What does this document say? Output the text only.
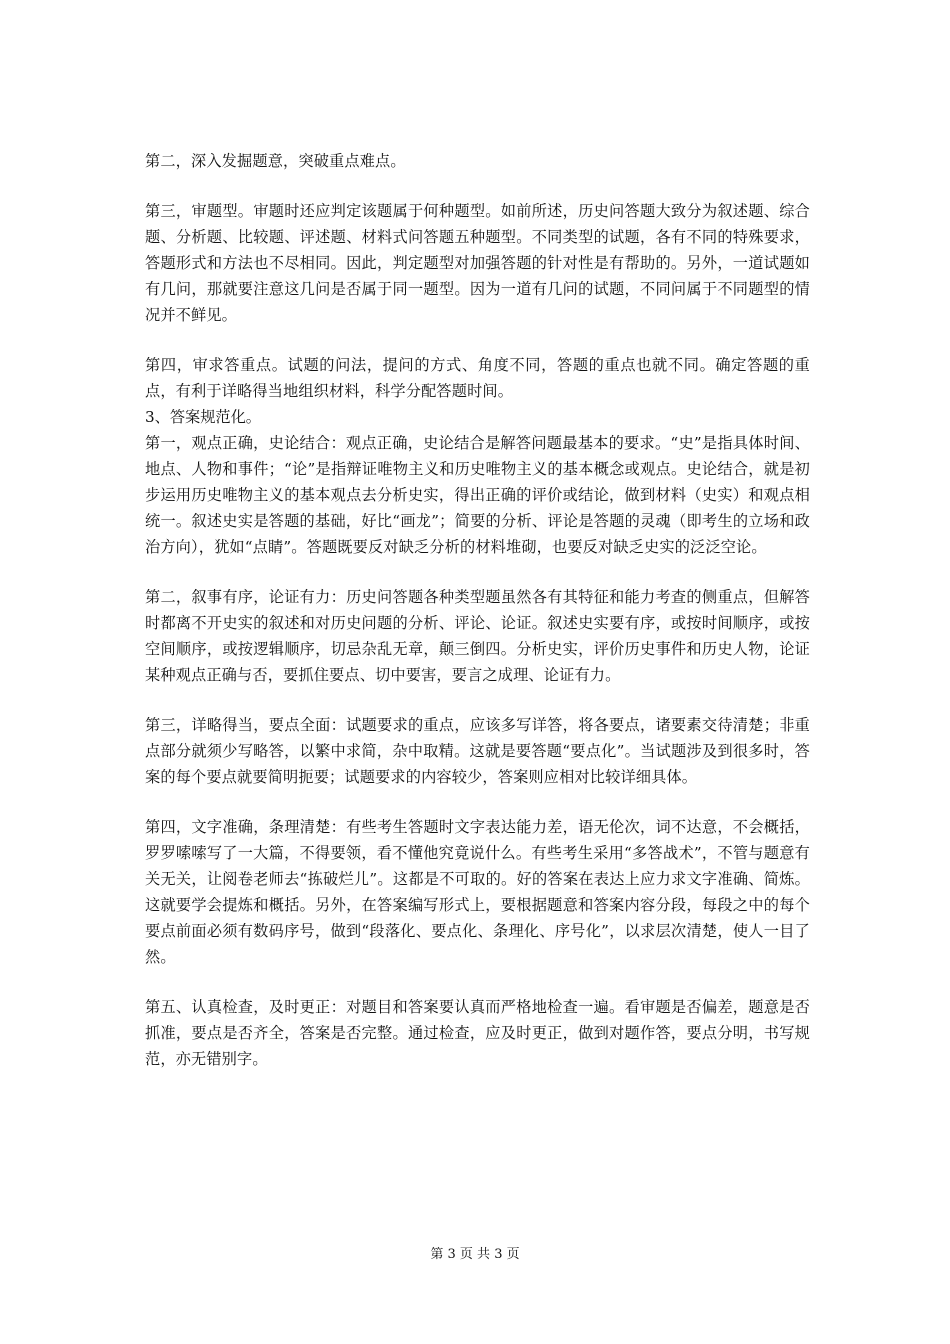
第二，深入发掘题意，突破重点难点。

第三，审题型。审题时还应判定该题属于何种题型。如前所述，历史问答题大致分为叙述题、综合题、分析题、比较题、评述题、材料式问答题五种题型。不同类型的试题，各有不同的特殊要求，答题形式和方法也不尽相同。因此，判定题型对加强答题的针对性是有帮助的。另外，一道试题如有几问，那就要注意这几问是否属于同一题型。因为一道有几问的试题，不同问属于不同题型的情况并不鲜见。

第四，审求答重点。试题的问法，提问的方式、角度不同，答题的重点也就不同。确定答题的重点，有利于详略得当地组织材料，科学分配答题时间。

3、答案规范化。

第一，观点正确，史论结合：观点正确，史论结合是解答问题最基本的要求。“史”是指具体时间、地点、人物和事件；“论”是指辩证唯物主义和历史唯物主义的基本概念或观点。史论结合，就是初步运用历史唯物主义的基本观点去分析史实，得出正确的评价或结论，做到材料（史实）和观点相统一。叙述史实是答题的基础，好比“画龙”；简要的分析、评论是答题的灵魂（即考生的立场和政治方向），犹如“点睛”。答题既要反对缺乏分析的材料堆砌，也要反对缺乏史实的泛泛空论。

第二，叙事有序，论证有力：历史问答题各种类型题虽然各有其特征和能力考查的侧重点，但解答时都离不开史实的叙述和对历史问题的分析、评论、论证。叙述史实要有序，或按时间顺序，或按空间顺序，或按逻辑顺序，切忌杂乱无章，颠三倒四。分析史实，评价历史事件和历史人物，论证某种观点正确与否，要抓住要点、切中要害，要言之成理、论证有力。

第三，详略得当，要点全面：试题要求的重点，应该多写详答，将各要点，诸要素交待清楚；非重点部分就须少写略答，以繁中求简，杂中取精。这就是要答题“要点化”。当试题涉及到很多时，答案的每个要点就要简明扼要；试题要求的内容较少，答案则应相对比较详细具体。

第四，文字准确，条理清楚：有些考生答题时文字表达能力差，语无伦次，词不达意，不会概括，罗罗嗦嗦写了一大篇，不得要领，看不懂他究竟说什么。有些考生采用“多答战术”，不管与题意有关无关，让阅卷老师去“拣破烂儿”。这都是不可取的。好的答案在表达上应力求文字准确、简炼。这就要学会提炼和概括。另外，在答案编写形式上，要根据题意和答案内容分段，每段之中的每个要点前面必须有数码序号，做到“段落化、要点化、条理化、序号化”，以求层次清楚，使人一目了然。

第五、认真检查，及时更正：对题目和答案要认真而严格地检查一遍。看审题是否偏差，题意是否抓准，要点是否齐全，答案是否完整。通过检查，应及时更正，做到对题作答，要点分明，书写规范，亦无错别字。

第 3 页 共 3 页
